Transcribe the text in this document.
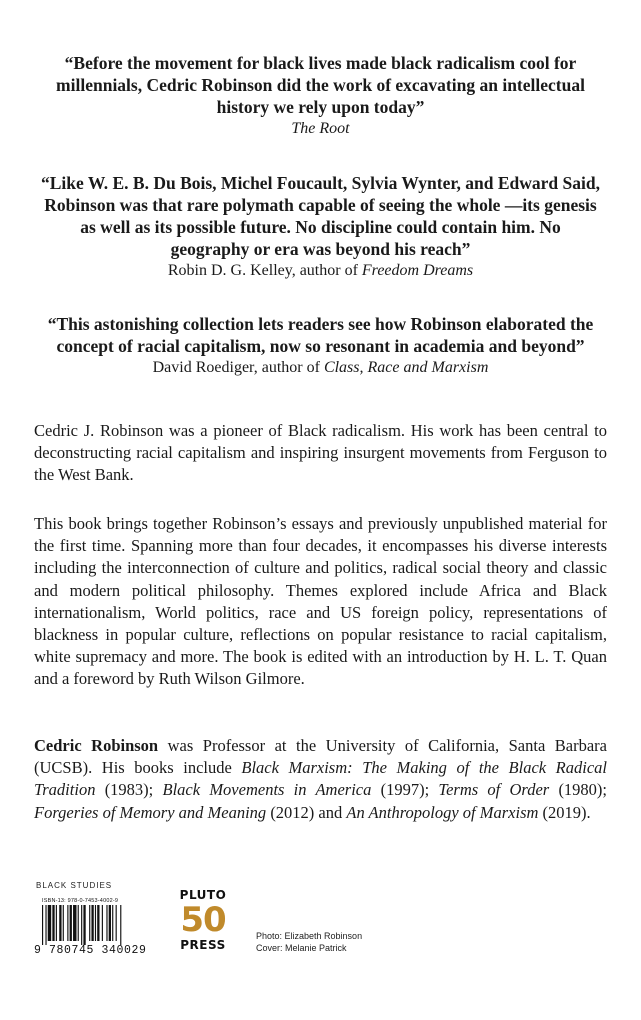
“Before the movement for black lives made black radicalism cool for millennials, Cedric Robinson did the work of excavating an intellectual history we rely upon today”
The Root
“Like W. E. B. Du Bois, Michel Foucault, Sylvia Wynter, and Edward Said, Robinson was that rare polymath capable of seeing the whole —its genesis as well as its possible future. No discipline could contain him. No geography or era was beyond his reach”
Robin D. G. Kelley, author of Freedom Dreams
“This astonishing collection lets readers see how Robinson elaborated the concept of racial capitalism, now so resonant in academia and beyond”
David Roediger, author of Class, Race and Marxism
Cedric J. Robinson was a pioneer of Black radicalism. His work has been central to deconstructing racial capitalism and inspiring insurgent movements from Ferguson to the West Bank.
This book brings together Robinson’s essays and previously unpublished material for the first time. Spanning more than four decades, it encompasses his diverse interests including the interconnection of culture and politics, radical social theory and classic and modern political philosophy. Themes explored include Africa and Black internationalism, World politics, race and US foreign policy, representations of blackness in popular culture, reflections on popular resistance to racial capitalism, white supremacy and more. The book is edited with an introduction by H. L. T. Quan and a foreword by Ruth Wilson Gilmore.
Cedric Robinson was Professor at the University of California, Santa Barbara (UCSB). His books include Black Marxism: The Making of the Black Radical Tradition (1983); Black Movements in America (1997); Terms of Order (1980); Forgeries of Memory and Meaning (2012) and An Anthropology of Marxism (2019).
BLACK STUDIES
ISBN-13: 978-0-7453-4002-9
9 780745 340029
PLUTO
50
PRESS
Photo: Elizabeth Robinson
Cover: Melanie Patrick
